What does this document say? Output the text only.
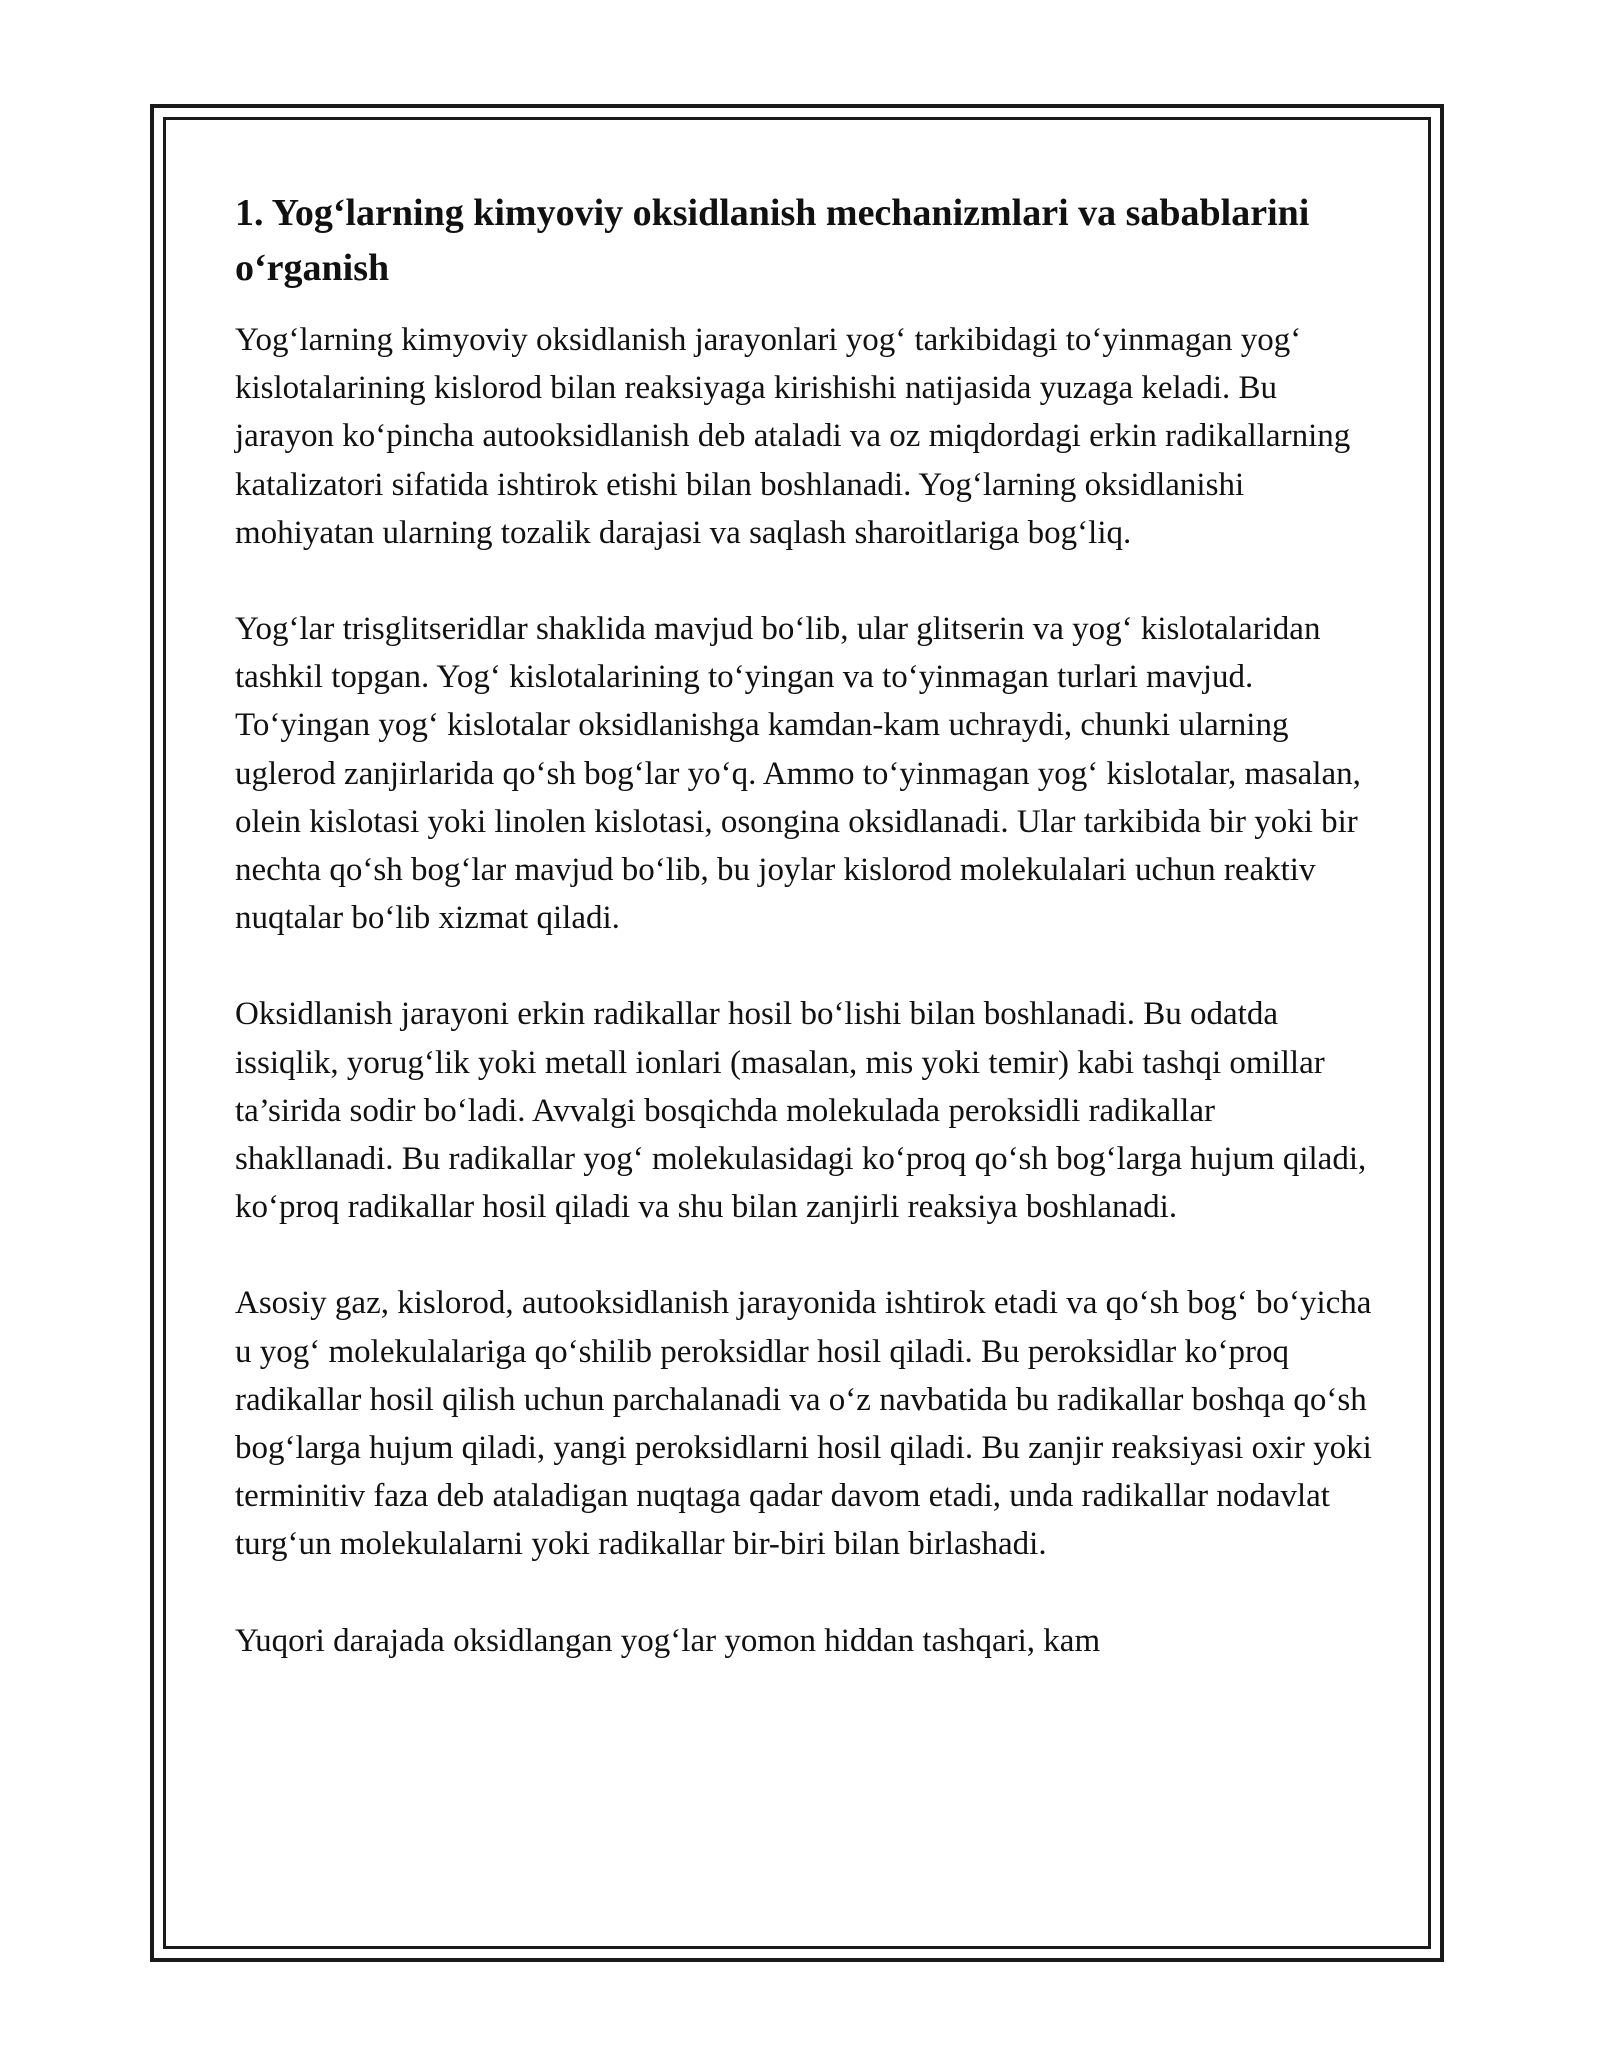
1. Yog‘larning kimyoviy oksidlanish mechanizmlari va sabablarini o‘rganish

Yog‘larning kimyoviy oksidlanish jarayonlari yog‘ tarkibidagi to‘yinmagan yog‘ kislotalarining kislorod bilan reaksiyaga kirishishi natijasida yuzaga keladi. Bu jarayon ko‘pincha autooksidlanish deb ataladi va oz miqdordagi erkin radikallarning katalizatori sifatida ishtirok etishi bilan boshlanadi. Yog‘larning oksidlanishi mohiyatan ularning tozalik darajasi va saqlash sharoitlariga bog‘liq.

Yog‘lar trisglitseridlar shaklida mavjud bo‘lib, ular glitserin va yog‘ kislotalaridan tashkil topgan. Yog‘ kislotalarining to‘yingan va to‘yinmagan turlari mavjud. To‘yingan yog‘ kislotalar oksidlanishga kamdan-kam uchraydi, chunki ularning uglerod zanjirlarida qo‘sh bog‘lar yo‘q. Ammo to‘yinmagan yog‘ kislotalar, masalan, olein kislotasi yoki linolen kislotasi, osongina oksidlanadi. Ular tarkibida bir yoki bir nechta qo‘sh bog‘lar mavjud bo‘lib, bu joylar kislorod molekulalari uchun reaktiv nuqtalar bo‘lib xizmat qiladi.

Oksidlanish jarayoni erkin radikallar hosil bo‘lishi bilan boshlanadi. Bu odatda issiqlik, yorug‘lik yoki metall ionlari (masalan, mis yoki temir) kabi tashqi omillar ta’sirida sodir bo‘ladi. Avvalgi bosqichda molekulada peroksidli radikallar shakllanadi. Bu radikallar yog‘ molekulasidagi ko‘proq qo‘sh bog‘larga hujum qiladi, ko‘proq radikallar hosil qiladi va shu bilan zanjirli reaksiya boshlanadi.

Asosiy gaz, kislorod, autooksidlanish jarayonida ishtirok etadi va qo‘sh bog‘ bo‘yicha u yog‘ molekulalariga qo‘shilib peroksidlar hosil qiladi. Bu peroksidlar ko‘proq radikallar hosil qilish uchun parchalanadi va o‘z navbatida bu radikallar boshqa qo‘sh bog‘larga hujum qiladi, yangi peroksidlarni hosil qiladi. Bu zanjir reaksiyasi oxir yoki terminitiv faza deb ataladigan nuqtaga qadar davom etadi, unda radikallar nodavlat turg‘un molekulalarni yoki radikallar bir-biri bilan birlashadi.

Yuqori darajada oksidlangan yog‘lar yomon hiddan tashqari, kam
